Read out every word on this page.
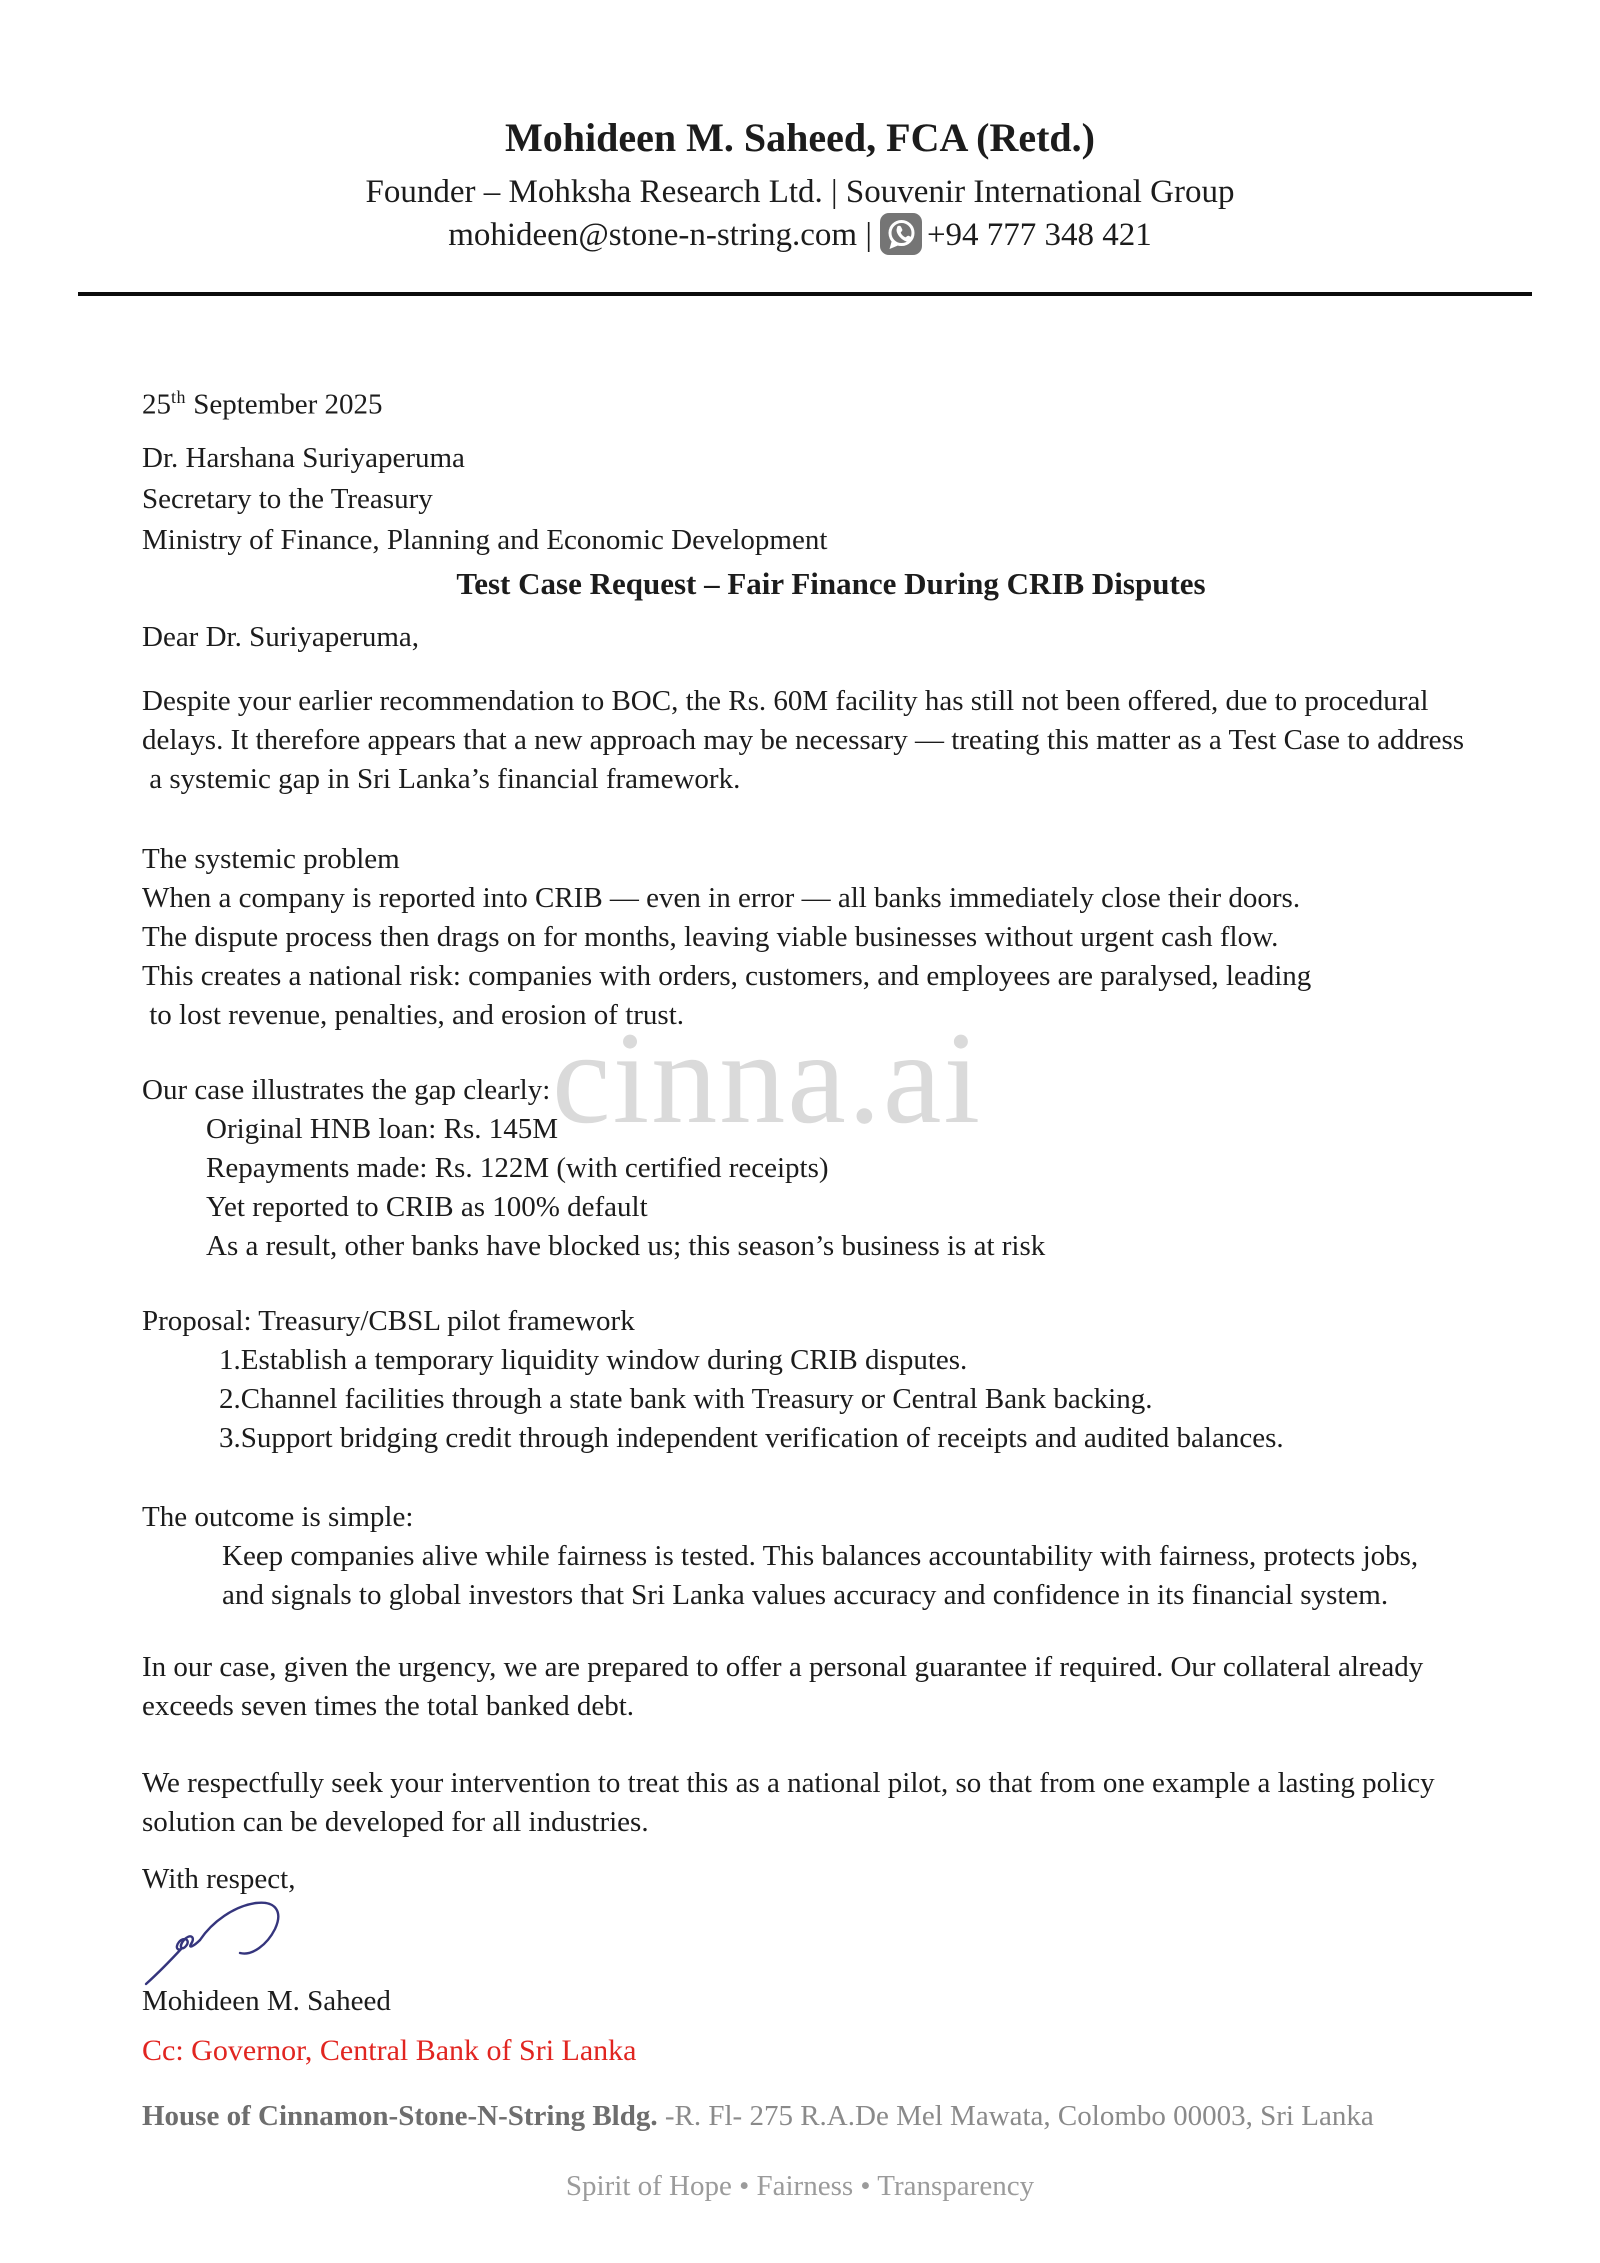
cinna.ai
Mohideen M. Saheed, FCA (Retd.)
Founder – Mohksha Research Ltd. | Souvenir International Group
mohideen@stone-n-string.com | +94 777 348 421
25th September 2025
Dr. Harshana Suriyaperuma
Secretary to the Treasury
Ministry of Finance, Planning and Economic Development
Test Case Request – Fair Finance During CRIB Disputes
Dear Dr. Suriyaperuma,
Despite your earlier recommendation to BOC, the Rs. 60M facility has still not been offered, due to procedural
delays. It therefore appears that a new approach may be necessary — treating this matter as a Test Case to address
a systemic gap in Sri Lanka’s financial framework.
The systemic problem
When a company is reported into CRIB — even in error — all banks immediately close their doors.
The dispute process then drags on for months, leaving viable businesses without urgent cash flow.
This creates a national risk: companies with orders, customers, and employees are paralysed, leading
to lost revenue, penalties, and erosion of trust.
Our case illustrates the gap clearly:
Original HNB loan: Rs. 145M
Repayments made: Rs. 122M (with certified receipts)
Yet reported to CRIB as 100% default
As a result, other banks have blocked us; this season’s business is at risk
Proposal: Treasury/CBSL pilot framework
1.Establish a temporary liquidity window during CRIB disputes.
2.Channel facilities through a state bank with Treasury or Central Bank backing.
3.Support bridging credit through independent verification of receipts and audited balances.
The outcome is simple:
Keep companies alive while fairness is tested. This balances accountability with fairness, protects jobs,
and signals to global investors that Sri Lanka values accuracy and confidence in its financial system.
In our case, given the urgency, we are prepared to offer a personal guarantee if required. Our collateral already
exceeds seven times the total banked debt.
We respectfully seek your intervention to treat this as a national pilot, so that from one example a lasting policy
solution can be developed for all industries.
With respect,
Mohideen M. Saheed
Cc: Governor, Central Bank of Sri Lanka
House of Cinnamon-Stone-N-String Bldg. -R. Fl- 275 R.A.De Mel Mawata, Colombo 00003, Sri Lanka
Spirit of Hope • Fairness • Transparency
